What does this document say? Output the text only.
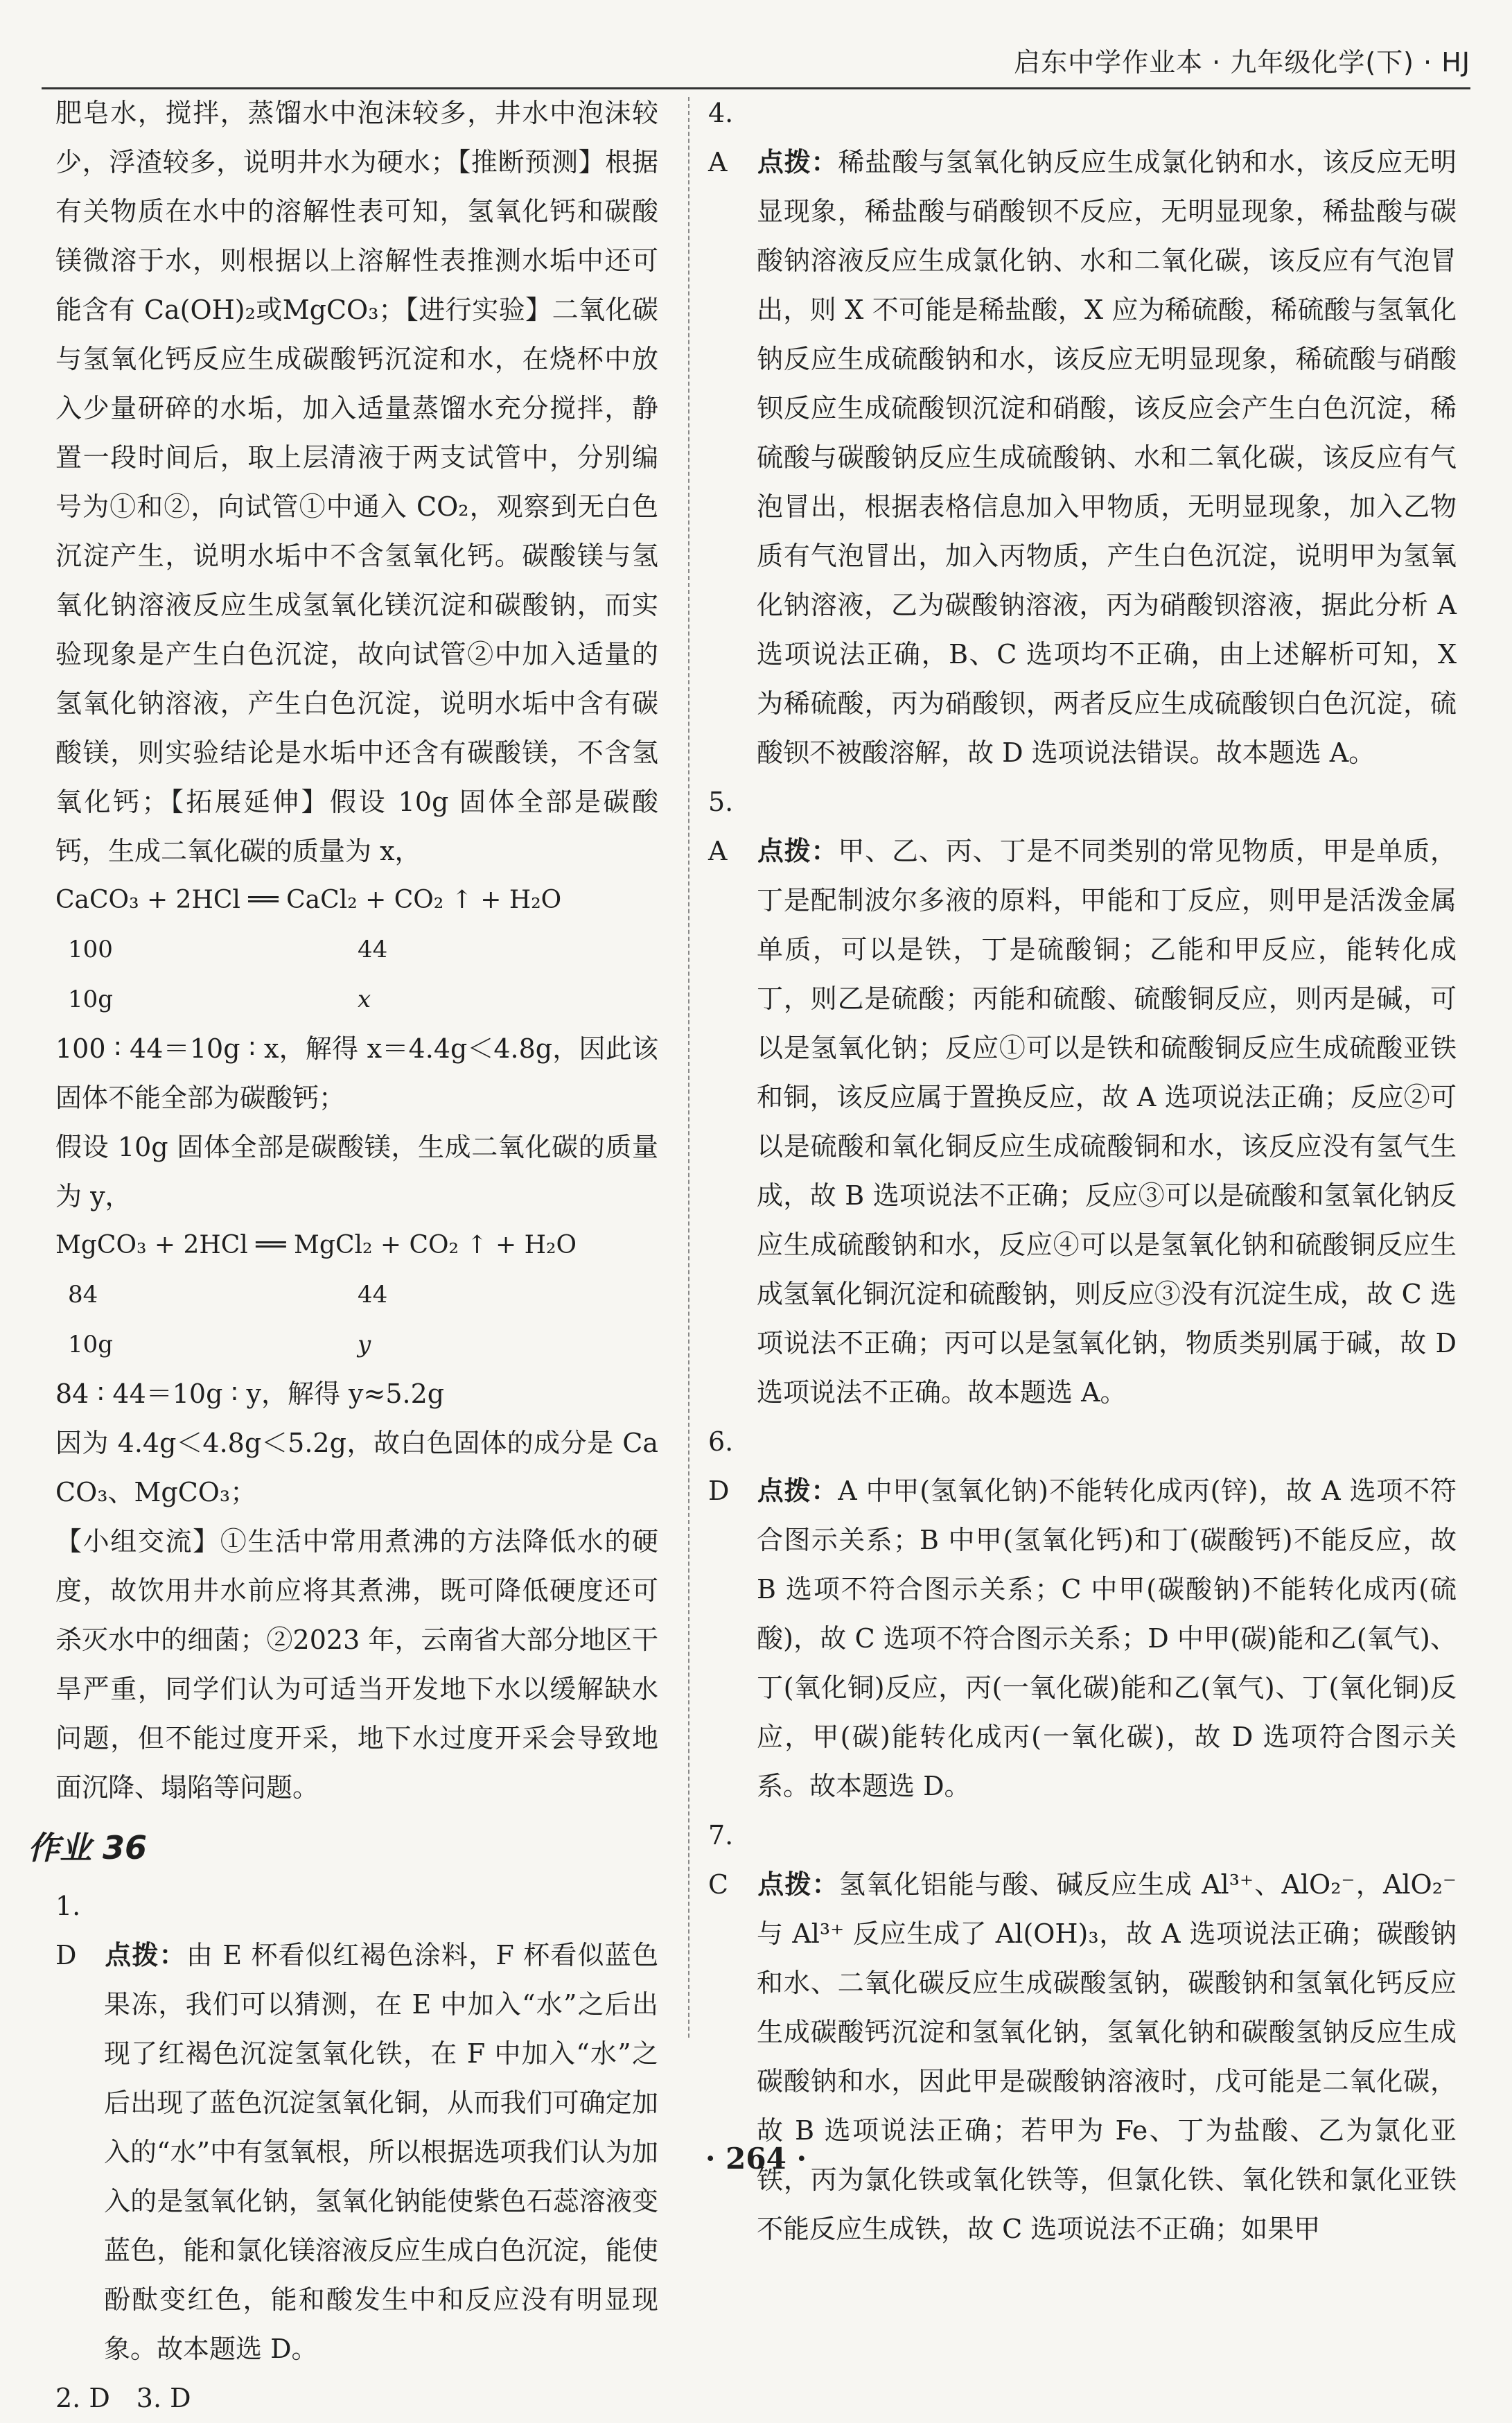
启东中学作业本 · 九年级化学(下) · HJ

肥皂水，搅拌，蒸馏水中泡沫较多，井水中泡沫较少，浮渣较多，说明井水为硬水；【推断预测】根据有关物质在水中的溶解性表可知，氢氧化钙和碳酸镁微溶于水，则根据以上溶解性表推测水垢中还可能含有 Ca(OH)₂或MgCO₃；【进行实验】二氧化碳与氢氧化钙反应生成碳酸钙沉淀和水，在烧杯中放入少量研碎的水垢，加入适量蒸馏水充分搅拌，静置一段时间后，取上层清液于两支试管中，分别编号为①和②，向试管①中通入 CO₂，观察到无白色沉淀产生，说明水垢中不含氢氧化钙。碳酸镁与氢氧化钠溶液反应生成氢氧化镁沉淀和碳酸钠，而实验现象是产生白色沉淀，故向试管②中加入适量的氢氧化钠溶液，产生白色沉淀，说明水垢中含有碳酸镁，则实验结论是水垢中还含有碳酸镁，不含氢氧化钙；【拓展延伸】假设 10g 固体全部是碳酸钙，生成二氧化碳的质量为 x，

CaCO₃ + 2HCl ══ CaCl₂ + CO₂ ↑ + H₂O

100	44
10g	x

100 ∶ 44＝10g ∶ x，解得 x＝4.4g＜4.8g，因此该固体不能全部为碳酸钙；

假设 10g 固体全部是碳酸镁，生成二氧化碳的质量为 y，

MgCO₃ + 2HCl ══ MgCl₂ + CO₂ ↑ + H₂O

84	44
10g	y

84 ∶ 44＝10g ∶ y，解得 y≈5.2g

因为 4.4g＜4.8g＜5.2g，故白色固体的成分是 CaCO₃、MgCO₃；

【小组交流】①生活中常用煮沸的方法降低水的硬度，故饮用井水前应将其煮沸，既可降低硬度还可杀灭水中的细菌；②2023 年，云南省大部分地区干旱严重，同学们认为可适当开发地下水以缓解缺水问题，但不能过度开采，地下水过度开采会导致地面沉降、塌陷等问题。

作业 36

1. D 点拨：由 E 杯看似红褐色涂料，F 杯看似蓝色果冻，我们可以猜测，在 E 中加入“水”之后出现了红褐色沉淀氢氧化铁，在 F 中加入“水”之后出现了蓝色沉淀氢氧化铜，从而我们可确定加入的“水”中有氢氧根，所以根据选项我们认为加入的是氢氧化钠，氢氧化钠能使紫色石蕊溶液变蓝色，能和氯化镁溶液反应生成白色沉淀，能使酚酞变红色，能和酸发生中和反应没有明显现象。故本题选 D。

2. D　3. D

4. A 点拨：稀盐酸与氢氧化钠反应生成氯化钠和水，该反应无明显现象，稀盐酸与硝酸钡不反应，无明显现象，稀盐酸与碳酸钠溶液反应生成氯化钠、水和二氧化碳，该反应有气泡冒出，则 X 不可能是稀盐酸，X 应为稀硫酸，稀硫酸与氢氧化钠反应生成硫酸钠和水，该反应无明显现象，稀硫酸与硝酸钡反应生成硫酸钡沉淀和硝酸，该反应会产生白色沉淀，稀硫酸与碳酸钠反应生成硫酸钠、水和二氧化碳，该反应有气泡冒出，根据表格信息加入甲物质，无明显现象，加入乙物质有气泡冒出，加入丙物质，产生白色沉淀，说明甲为氢氧化钠溶液，乙为碳酸钠溶液，丙为硝酸钡溶液，据此分析 A 选项说法正确，B、C 选项均不正确，由上述解析可知，X 为稀硫酸，丙为硝酸钡，两者反应生成硫酸钡白色沉淀，硫酸钡不被酸溶解，故 D 选项说法错误。故本题选 A。

5. A 点拨：甲、乙、丙、丁是不同类别的常见物质，甲是单质，丁是配制波尔多液的原料，甲能和丁反应，则甲是活泼金属单质，可以是铁，丁是硫酸铜；乙能和甲反应，能转化成丁，则乙是硫酸；丙能和硫酸、硫酸铜反应，则丙是碱，可以是氢氧化钠；反应①可以是铁和硫酸铜反应生成硫酸亚铁和铜，该反应属于置换反应，故 A 选项说法正确；反应②可以是硫酸和氧化铜反应生成硫酸铜和水，该反应没有氢气生成，故 B 选项说法不正确；反应③可以是硫酸和氢氧化钠反应生成硫酸钠和水，反应④可以是氢氧化钠和硫酸铜反应生成氢氧化铜沉淀和硫酸钠，则反应③没有沉淀生成，故 C 选项说法不正确；丙可以是氢氧化钠，物质类别属于碱，故 D 选项说法不正确。故本题选 A。

6. D 点拨：A 中甲(氢氧化钠)不能转化成丙(锌)，故 A 选项不符合图示关系；B 中甲(氢氧化钙)和丁(碳酸钙)不能反应，故 B 选项不符合图示关系；C 中甲(碳酸钠)不能转化成丙(硫酸)，故 C 选项不符合图示关系；D 中甲(碳)能和乙(氧气)、丁(氧化铜)反应，丙(一氧化碳)能和乙(氧气)、丁(氧化铜)反应，甲(碳)能转化成丙(一氧化碳)，故 D 选项符合图示关系。故本题选 D。

7. C 点拨：氢氧化铝能与酸、碱反应生成 Al³⁺、AlO₂⁻，AlO₂⁻ 与 Al³⁺ 反应生成了 Al(OH)₃，故 A 选项说法正确；碳酸钠和水、二氧化碳反应生成碳酸氢钠，碳酸钠和氢氧化钙反应生成碳酸钙沉淀和氢氧化钠，氢氧化钠和碳酸氢钠反应生成碳酸钠和水，因此甲是碳酸钠溶液时，戊可能是二氧化碳，故 B 选项说法正确；若甲为 Fe、丁为盐酸、乙为氯化亚铁，丙为氯化铁或氧化铁等，但氯化铁、氧化铁和氯化亚铁不能反应生成铁，故 C 选项说法不正确；如果甲

· 264 ·
